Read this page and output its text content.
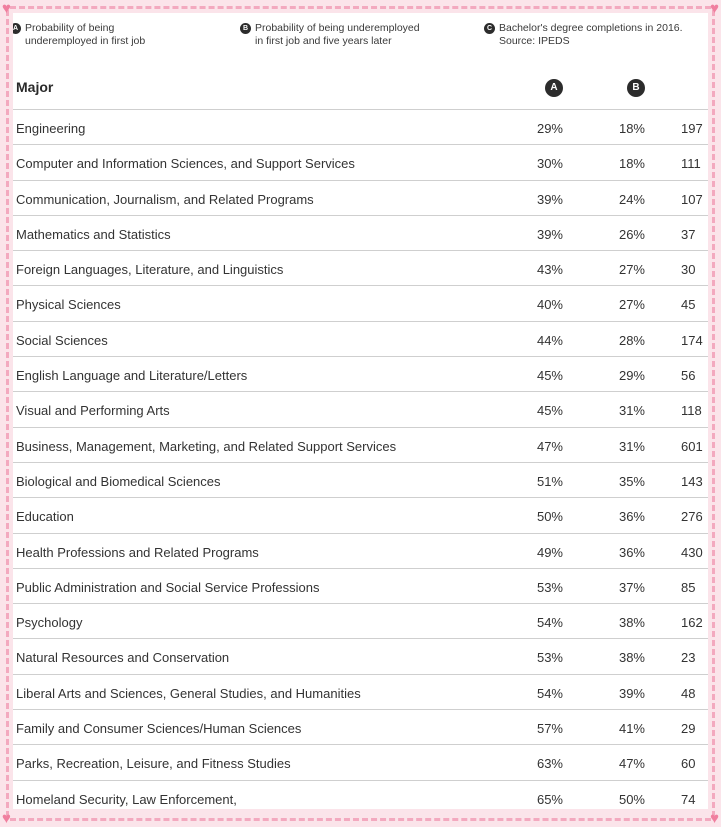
♥	♥
♥	♥
A Probability of being
underemployed in first job
B Probability of being underemployed
in first job and five years later
C Bachelor's degree completions in 2016.
Source: IPEDS
Major	A	B
Engineering	29%	18%	197
Computer and Information Sciences, and Support Services	30%	18%	111
Communication, Journalism, and Related Programs	39%	24%	107
Mathematics and Statistics	39%	26%	37
Foreign Languages, Literature, and Linguistics	43%	27%	30
Physical Sciences	40%	27%	45
Social Sciences	44%	28%	174
English Language and Literature/Letters	45%	29%	56
Visual and Performing Arts	45%	31%	118
Business, Management, Marketing, and Related Support Services	47%	31%	601
Biological and Biomedical Sciences	51%	35%	143
Education	50%	36%	276
Health Professions and Related Programs	49%	36%	430
Public Administration and Social Service Professions	53%	37%	85
Psychology	54%	38%	162
Natural Resources and Conservation	53%	38%	23
Liberal Arts and Sciences, General Studies, and Humanities	54%	39%	48
Family and Consumer Sciences/Human Sciences	57%	41%	29
Parks, Recreation, Leisure, and Fitness Studies	63%	47%	60
Homeland Security, Law Enforcement,	65%	50%	74
